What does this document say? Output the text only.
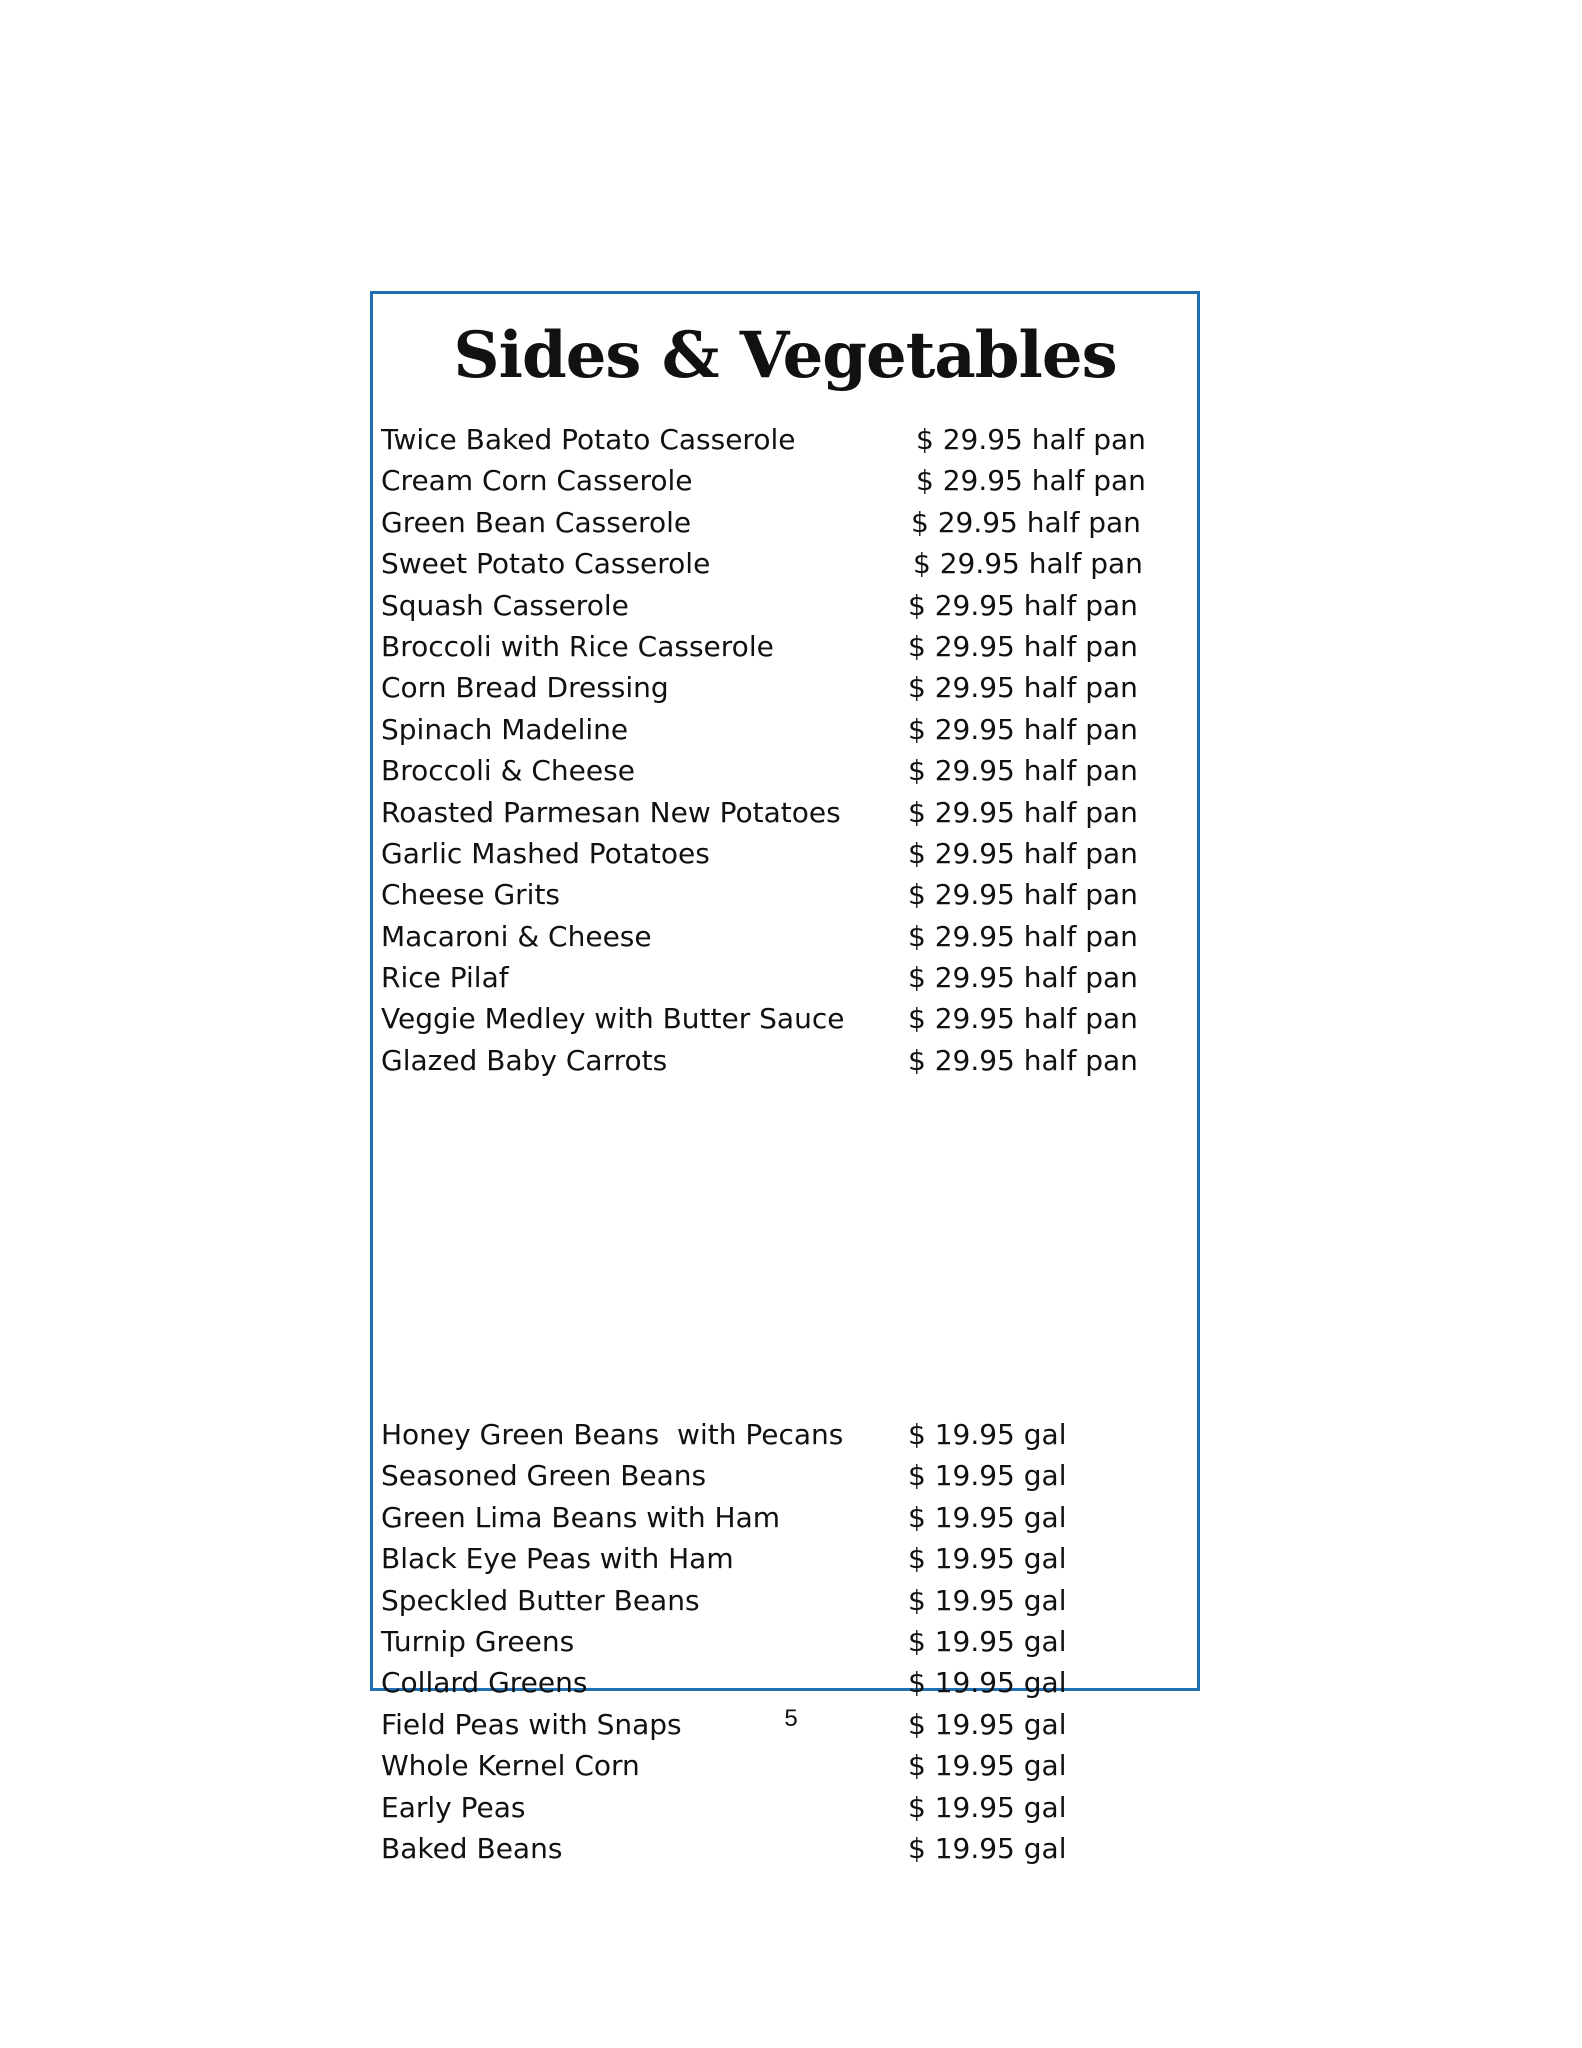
Sides & Vegetables
Twice Baked Potato Casserole	$ 29.95 half pan
Cream Corn Casserole	$ 29.95 half pan
Green Bean Casserole	$ 29.95 half pan
Sweet Potato Casserole	$ 29.95 half pan
Squash Casserole	$ 29.95 half pan
Broccoli with Rice Casserole	$ 29.95 half pan
Corn Bread Dressing	$ 29.95 half pan
Spinach Madeline	$ 29.95 half pan
Broccoli & Cheese	$ 29.95 half pan
Roasted Parmesan New Potatoes $ 29.95 half pan
Garlic Mashed Potatoes	$ 29.95 half pan
Cheese Grits	$ 29.95 half pan
Macaroni & Cheese	$ 29.95 half pan
Rice Pilaf	$ 29.95 half pan
Veggie Medley with Butter Sauce $ 29.95 half pan
Glazed Baby Carrots	$ 29.95 half pan
Honey Green Beans  with Pecans $ 19.95 gal
Seasoned Green Beans	$ 19.95 gal
Green Lima Beans with Ham	$ 19.95 gal
Black Eye Peas with Ham	$ 19.95 gal
Speckled Butter Beans	$ 19.95 gal
Turnip Greens	$ 19.95 gal
Collard Greens	$ 19.95 gal
Field Peas with Snaps	$ 19.95 gal
Whole Kernel Corn	$ 19.95 gal
Early Peas	$ 19.95 gal
Baked Beans	$ 19.95 gal
5
